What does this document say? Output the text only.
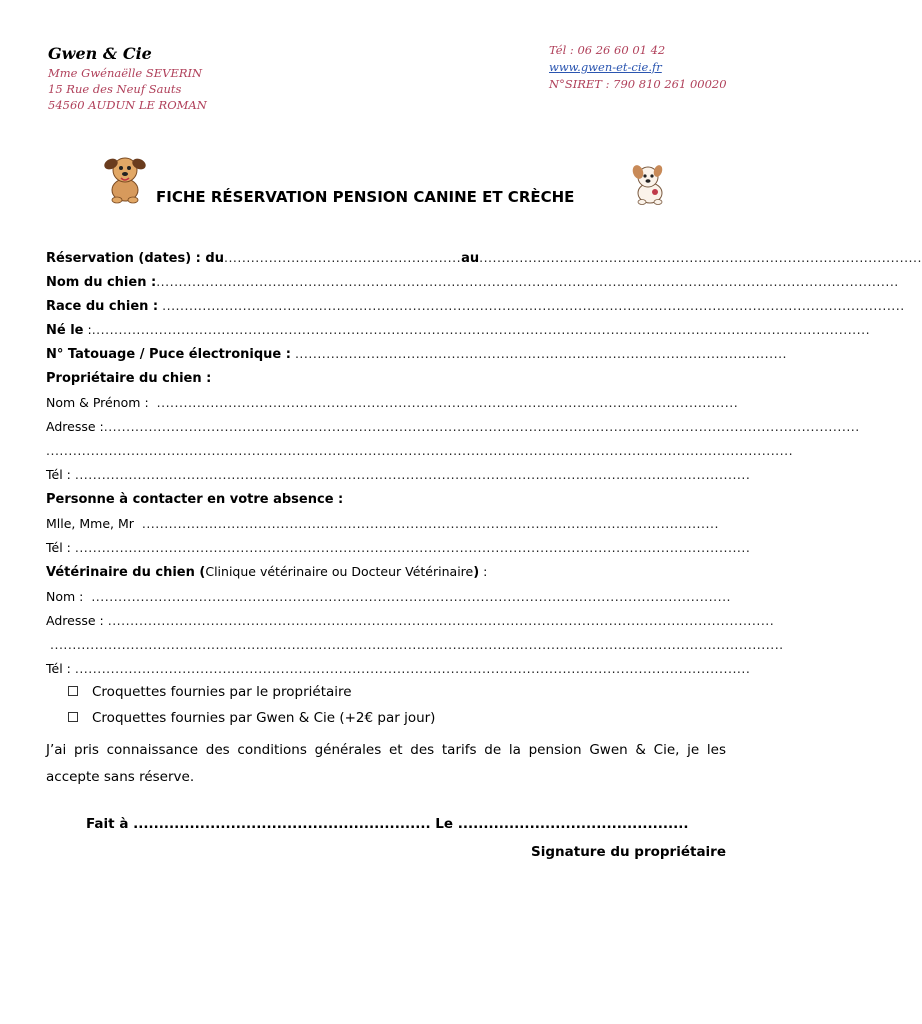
Gwen & Cie
Mme Gwénaëlle SEVERIN
15 Rue des Neuf Sauts
54560 AUDUN LE ROMAN
Tél : 06 26 60 01 42
www.gwen-et-cie.fr
N°SIRET : 790 810 261 00020
FICHE RÉSERVATION PENSION CANINE ET CRÈCHE
Réservation (dates) : du.....................................................au...................................................................................................
Nom du chien :......................................................................................................................................................................
Race du chien : ......................................................................................................................................................................
Né le :..............................................................................................................................................................................
N° Tatouage / Puce électronique : ..............................................................................................................
Propriétaire du chien :
Nom & Prénom : ..................................................................................................................................
Adresse :.........................................................................................................................................................................
.......................................................................................................................................................................
Tél : .......................................................................................................................................................
Personne à contacter en votre absence :
Mlle, Mme, Mr .................................................................................................................................
Tél : .......................................................................................................................................................
Vétérinaire du chien (Clinique vétérinaire ou Docteur Vétérinaire) :
Nom : ...............................................................................................................................................
Adresse : .....................................................................................................................................................
....................................................................................................................................................................
Tél : .......................................................................................................................................................
Croquettes fournies par le propriétaire
Croquettes fournies par Gwen & Cie (+2€ par jour)
J’ai pris connaissance des conditions générales et des tarifs de la pension Gwen & Cie, je les accepte sans réserve.
Fait à .......................................................... Le .............................................
Signature du propriétaire
